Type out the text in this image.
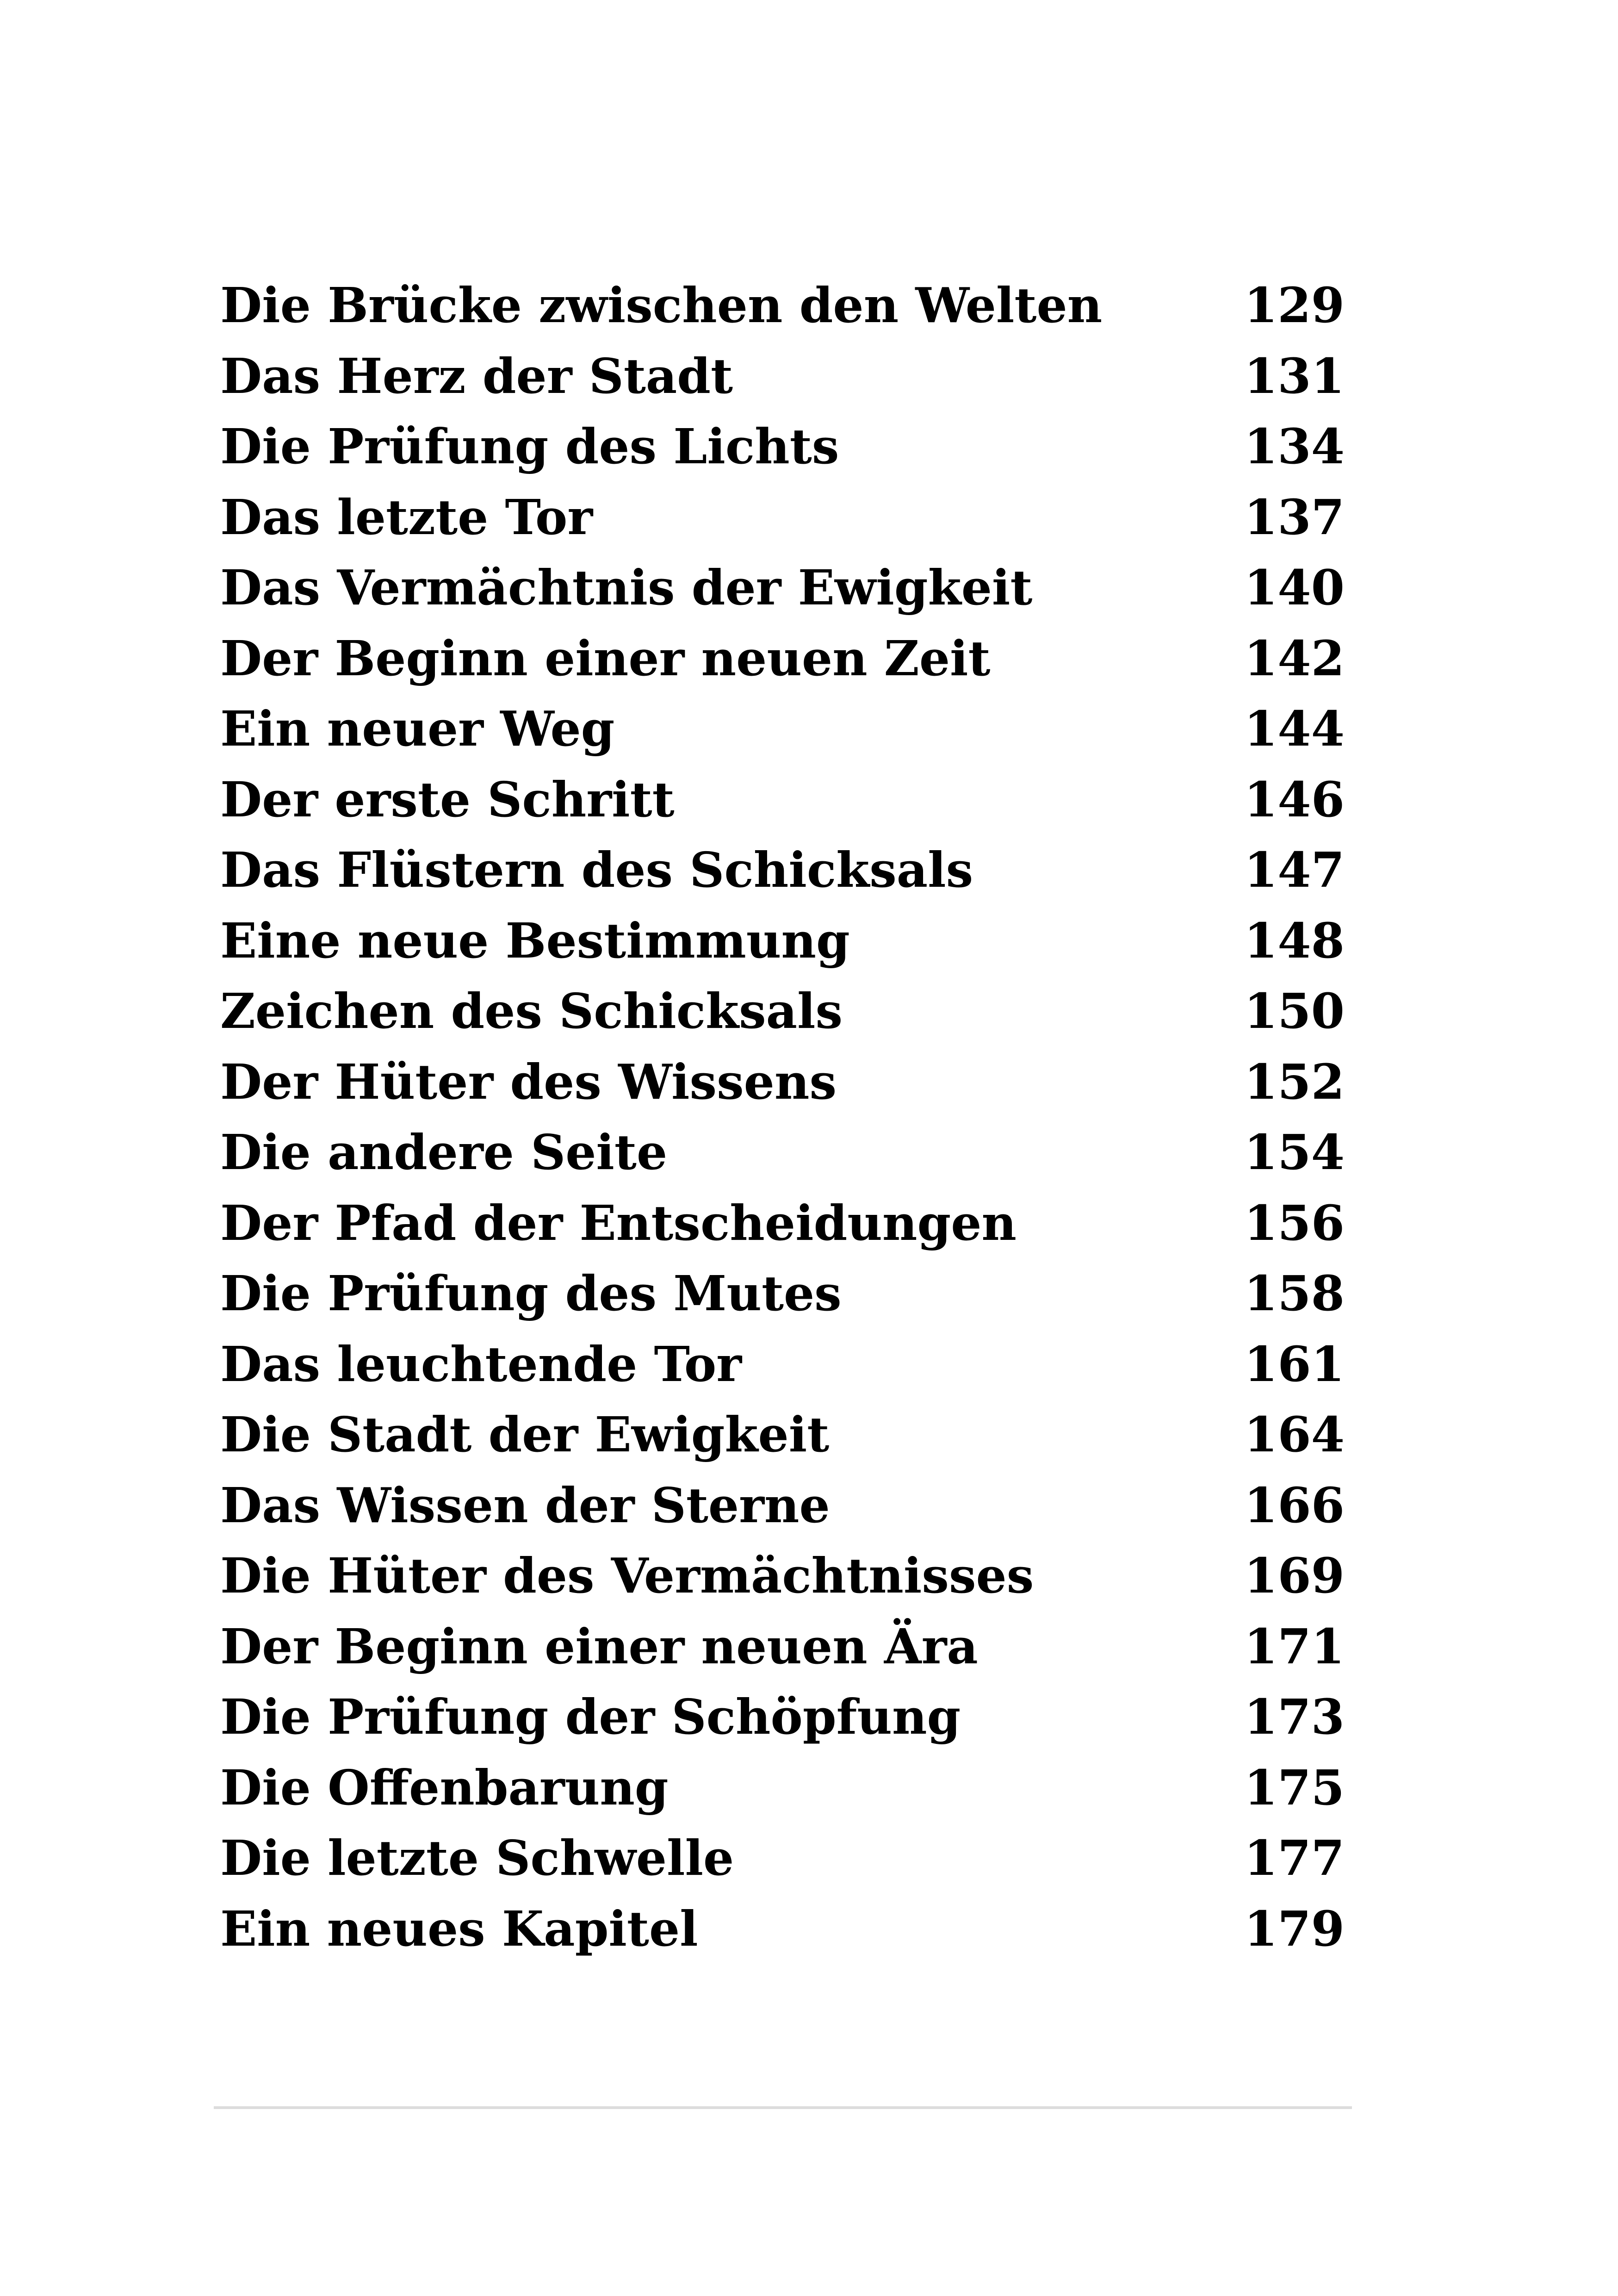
Die Brücke zwischen den Welten	129
Das Herz der Stadt	131
Die Prüfung des Lichts	134
Das letzte Tor	137
Das Vermächtnis der Ewigkeit	140
Der Beginn einer neuen Zeit	142
Ein neuer Weg	144
Der erste Schritt	146
Das Flüstern des Schicksals	147
Eine neue Bestimmung	148
Zeichen des Schicksals	150
Der Hüter des Wissens	152
Die andere Seite	154
Der Pfad der Entscheidungen	156
Die Prüfung des Mutes	158
Das leuchtende Tor	161
Die Stadt der Ewigkeit	164
Das Wissen der Sterne	166
Die Hüter des Vermächtnisses	169
Der Beginn einer neuen Ära	171
Die Prüfung der Schöpfung	173
Die Offenbarung	175
Die letzte Schwelle	177
Ein neues Kapitel	179
